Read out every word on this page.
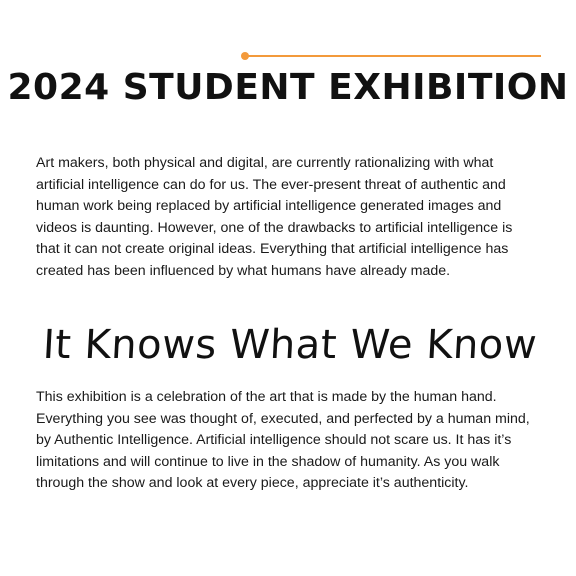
2024 STUDENT EXHIBITION

Art makers, both physical and digital, are currently rationalizing with what artificial intelligence can do for us. The ever-present threat of authentic and human work being replaced by artificial intelligence generated images and videos is daunting. However, one of the drawbacks to artificial intelligence is that it can not create original ideas. Everything that artificial intelligence has created has been influenced by what humans have already made.

It Knows What We Know

This exhibition is a celebration of the art that is made by the human hand. Everything you see was thought of, executed, and perfected by a human mind, by Authentic Intelligence. Artificial intelligence should not scare us. It has it’s limitations and will continue to live in the shadow of humanity. As you walk through the show and look at every piece, appreciate it’s authenticity.
